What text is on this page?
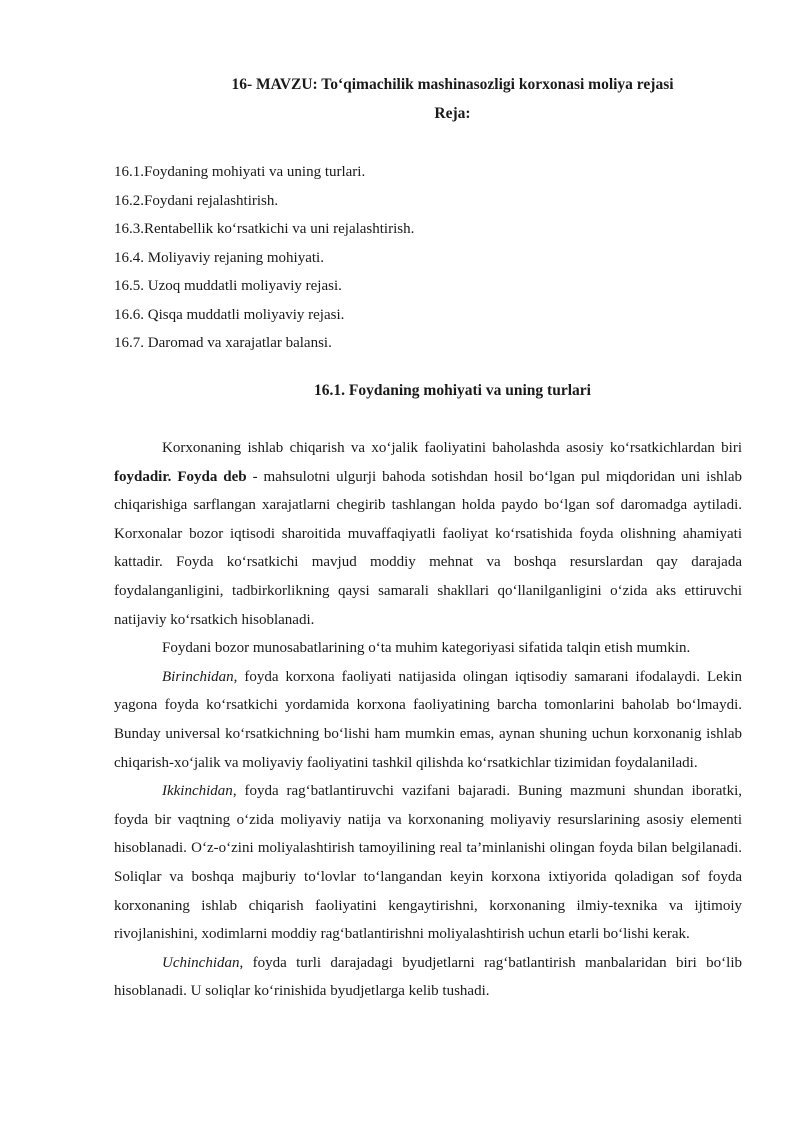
16- MAVZU: To‘qimachilik mashinasozligi korxonasi moliya rejasi
Reja:
16.1.Foydaning mohiyati va uning turlari.
16.2.Foydani rejalashtirish.
16.3.Rentabellik ko‘rsatkichi va uni rejalashtirish.
16.4. Moliyaviy rejaning mohiyati.
16.5. Uzoq muddatli moliyaviy rejasi.
16.6. Qisqa muddatli moliyaviy rejasi.
16.7. Daromad va xarajatlar balansi.
16.1. Foydaning mohiyati va uning turlari

Korxonaning ishlab chiqarish va xo‘jalik faoliyatini baholashda asosiy ko‘rsatkichlardan biri foydadir. Foyda deb - mahsulotni ulgurji bahoda sotishdan hosil bo‘lgan pul miqdoridan uni ishlab chiqarishiga sarflangan xarajatlarni chegirib tashlangan holda paydo bo‘lgan sof daromadga aytiladi. Korxonalar bozor iqtisodi sharoitida muvaffaqiyatli faoliyat ko‘rsatishida foyda olishning ahamiyati kattadir. Foyda ko‘rsatkichi mavjud moddiy mehnat va boshqa resurslardan qay darajada foydalanganligini, tadbirkorlikning qaysi samarali shakllari qo‘llanilganligini o‘zida aks ettiruvchi natijaviy ko‘rsatkich hisoblanadi.

Foydani bozor munosabatlarining o‘ta muhim kategoriyasi sifatida talqin etish mumkin.

Birinchidan, foyda korxona faoliyati natijasida olingan iqtisodiy samarani ifodalaydi. Lekin yagona foyda ko‘rsatkichi yordamida korxona faoliyatining barcha tomonlarini baholab bo‘lmaydi. Bunday universal ko‘rsatkichning bo‘lishi ham mumkin emas, aynan shuning uchun korxonanig ishlab chiqarish-xo‘jalik va moliyaviy faoliyatini tashkil qilishda ko‘rsatkichlar tizimidan foydalaniladi.

Ikkinchidan, foyda rag‘batlantiruvchi vazifani bajaradi. Buning mazmuni shundan iboratki, foyda bir vaqtning o‘zida moliyaviy natija va korxonaning moliyaviy resurslarining asosiy elementi hisoblanadi. O‘z-o‘zini moliyalashtirish tamoyilining real ta’minlanishi olingan foyda bilan belgilanadi. Soliqlar va boshqa majburiy to‘lovlar to‘langandan keyin korxona ixtiyorida qoladigan sof foyda korxonaning ishlab chiqarish faoliyatini kengaytirishni, korxonaning ilmiy-texnika va ijtimoiy rivojlanishini, xodimlarni moddiy rag‘batlantirishni moliyalashtirish uchun etarli bo‘lishi kerak.

Uchinchidan, foyda turli darajadagi byudjetlarni rag‘batlantirish manbalaridan biri bo‘lib hisoblanadi. U soliqlar ko‘rinishida byudjetlarga kelib tushadi.
